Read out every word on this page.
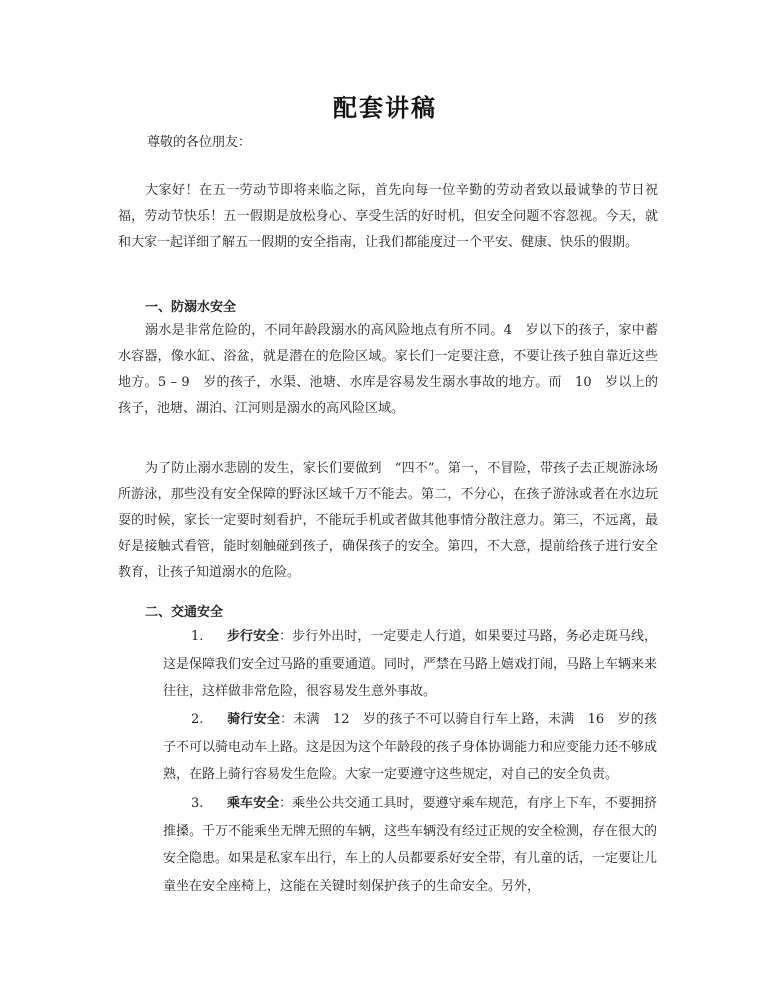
配套讲稿
尊敬的各位朋友：
大家好！在五一劳动节即将来临之际，首先向每一位辛勤的劳动者致以最诚挚的节日祝福，劳动节快乐！五一假期是放松身心、享受生活的好时机，但安全问题不容忽视。今天，就和大家一起详细了解五一假期的安全指南，让我们都能度过一个平安、健康、快乐的假期。
一、防溺水安全
溺水是非常危险的，不同年龄段溺水的高风险地点有所不同。4　岁以下的孩子，家中蓄水容器，像水缸、浴盆，就是潜在的危险区域。家长们一定要注意，不要让孩子独自靠近这些地方。5 – 9　岁的孩子，水渠、池塘、水库是容易发生溺水事故的地方。而　10　岁以上的孩子，池塘、湖泊、江河则是溺水的高风险区域。
为了防止溺水悲剧的发生，家长们要做到　“四不”。第一，不冒险，带孩子去正规游泳场所游泳，那些没有安全保障的野泳区域千万不能去。第二，不分心，在孩子游泳或者在水边玩耍的时候，家长一定要时刻看护，不能玩手机或者做其他事情分散注意力。第三，不远离，最好是接触式看管，能时刻触碰到孩子，确保孩子的安全。第四，不大意，提前给孩子进行安全教育，让孩子知道溺水的危险。
二、交通安全
1. 步行安全：步行外出时，一定要走人行道，如果要过马路，务必走斑马线，这是保障我们安全过马路的重要通道。同时，严禁在马路上嬉戏打闹，马路上车辆来来往往，这样做非常危险，很容易发生意外事故。
2. 骑行安全：未满　12　岁的孩子不可以骑自行车上路，未满　16　岁的孩子不可以骑电动车上路。这是因为这个年龄段的孩子身体协调能力和应变能力还不够成熟，在路上骑行容易发生危险。大家一定要遵守这些规定，对自己的安全负责。
3. 乘车安全：乘坐公共交通工具时，要遵守乘车规范，有序上下车，不要拥挤推搡。千万不能乘坐无牌无照的车辆，这些车辆没有经过正规的安全检测，存在很大的安全隐患。如果是私家车出行，车上的人员都要系好安全带，有儿童的话，一定要让儿童坐在安全座椅上，这能在关键时刻保护孩子的生命安全。另外，
